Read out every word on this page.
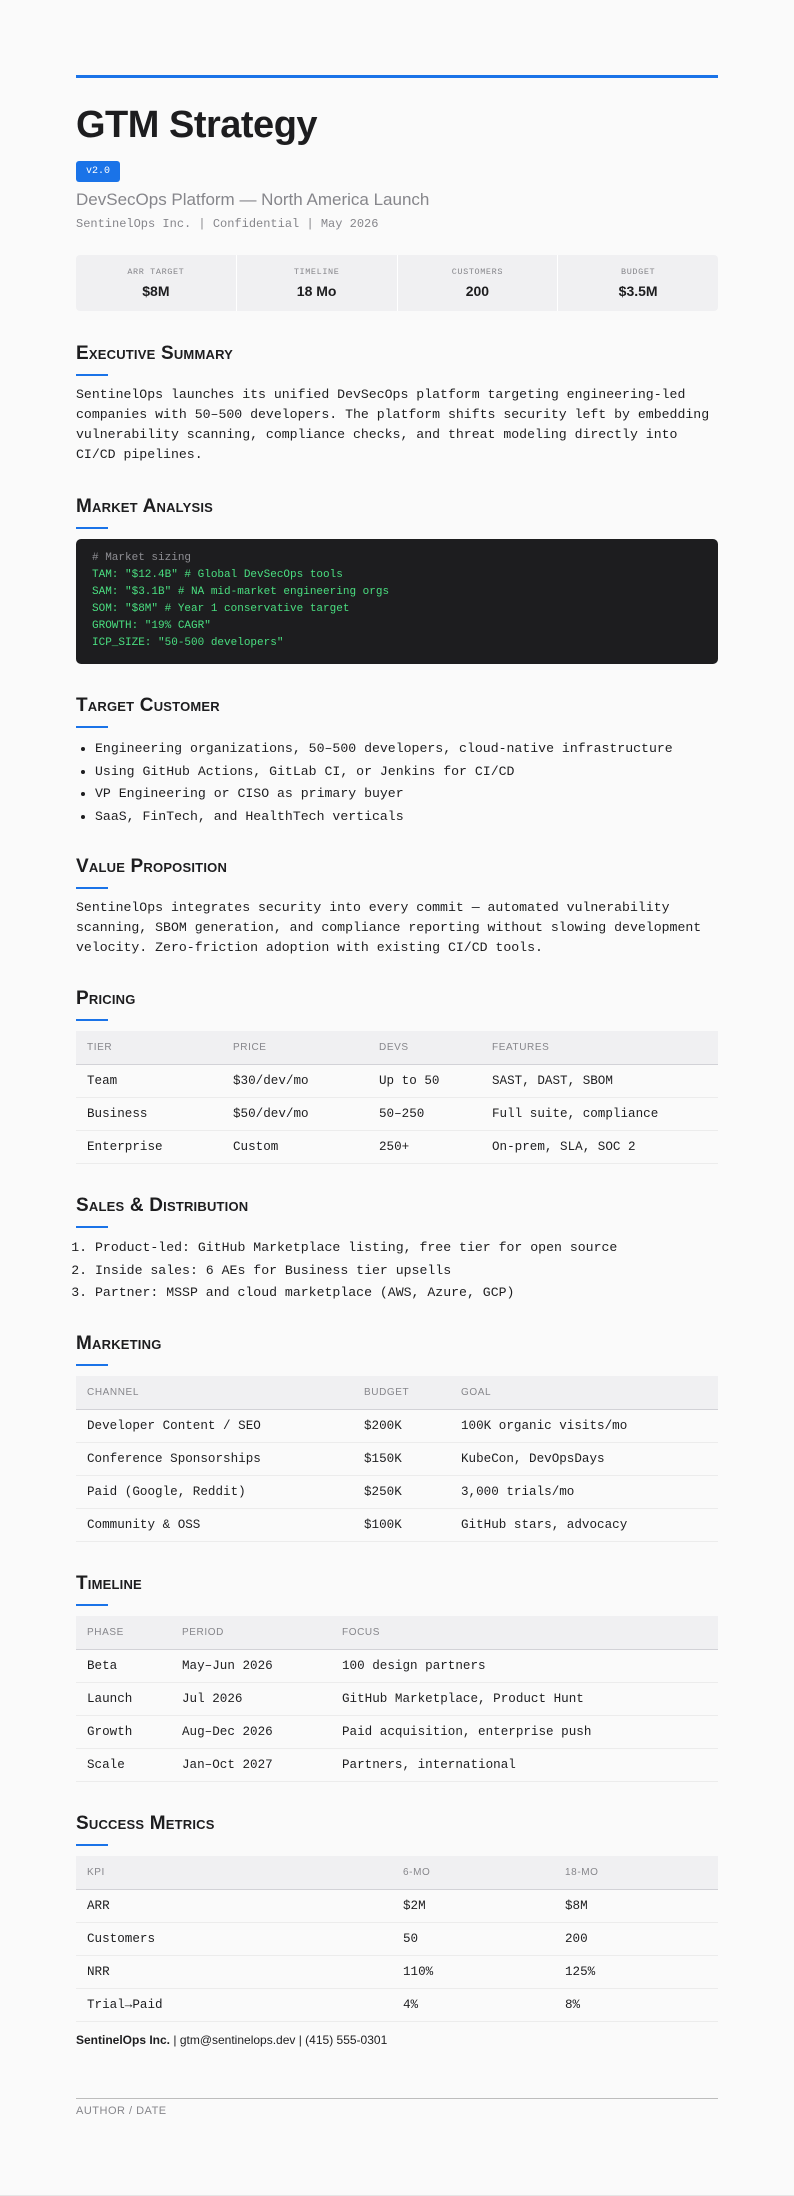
GTM Strategy
v2.0
DevSecOps Platform — North America Launch
SentinelOps Inc. | Confidential | May 2026
ARR TARGET
$8M
TIMELINE
18 Mo
CUSTOMERS
200
BUDGET
$3.5M
Executive Summary
SentinelOps launches its unified DevSecOps platform targeting engineering-led companies with 50–500 developers. The platform shifts security left by embedding vulnerability scanning, compliance checks, and threat modeling directly into CI/CD pipelines.
Market Analysis
# Market sizing
TAM: "$12.4B" # Global DevSecOps tools
SAM: "$3.1B" # NA mid-market engineering orgs
SOM: "$8M" # Year 1 conservative target
GROWTH: "19% CAGR"
ICP_SIZE: "50-500 developers"
Target Customer
• Engineering organizations, 50–500 developers, cloud-native infrastructure
• Using GitHub Actions, GitLab CI, or Jenkins for CI/CD
• VP Engineering or CISO as primary buyer
• SaaS, FinTech, and HealthTech verticals
Value Proposition
SentinelOps integrates security into every commit — automated vulnerability scanning, SBOM generation, and compliance reporting without slowing development velocity. Zero-friction adoption with existing CI/CD tools.
Pricing
TIER	PRICE	DEVS	FEATURES
Team	$30/dev/mo	Up to 50	SAST, DAST, SBOM
Business	$50/dev/mo	50–250	Full suite, compliance
Enterprise	Custom	250+	On-prem, SLA, SOC 2
Sales & Distribution
1. Product-led: GitHub Marketplace listing, free tier for open source
2. Inside sales: 6 AEs for Business tier upsells
3. Partner: MSSP and cloud marketplace (AWS, Azure, GCP)
Marketing
CHANNEL	BUDGET	GOAL
Developer Content / SEO	$200K	100K organic visits/mo
Conference Sponsorships	$150K	KubeCon, DevOpsDays
Paid (Google, Reddit)	$250K	3,000 trials/mo
Community & OSS	$100K	GitHub stars, advocacy
Timeline
PHASE	PERIOD	FOCUS
Beta	May–Jun 2026	100 design partners
Launch	Jul 2026	GitHub Marketplace, Product Hunt
Growth	Aug–Dec 2026	Paid acquisition, enterprise push
Scale	Jan–Oct 2027	Partners, international
Success Metrics
KPI	6-MO	18-MO
ARR	$2M	$8M
Customers	50	200
NRR	110%	125%
Trial→Paid	4%	8%
SentinelOps Inc. | gtm@sentinelops.dev | (415) 555-0301
AUTHOR / DATE
